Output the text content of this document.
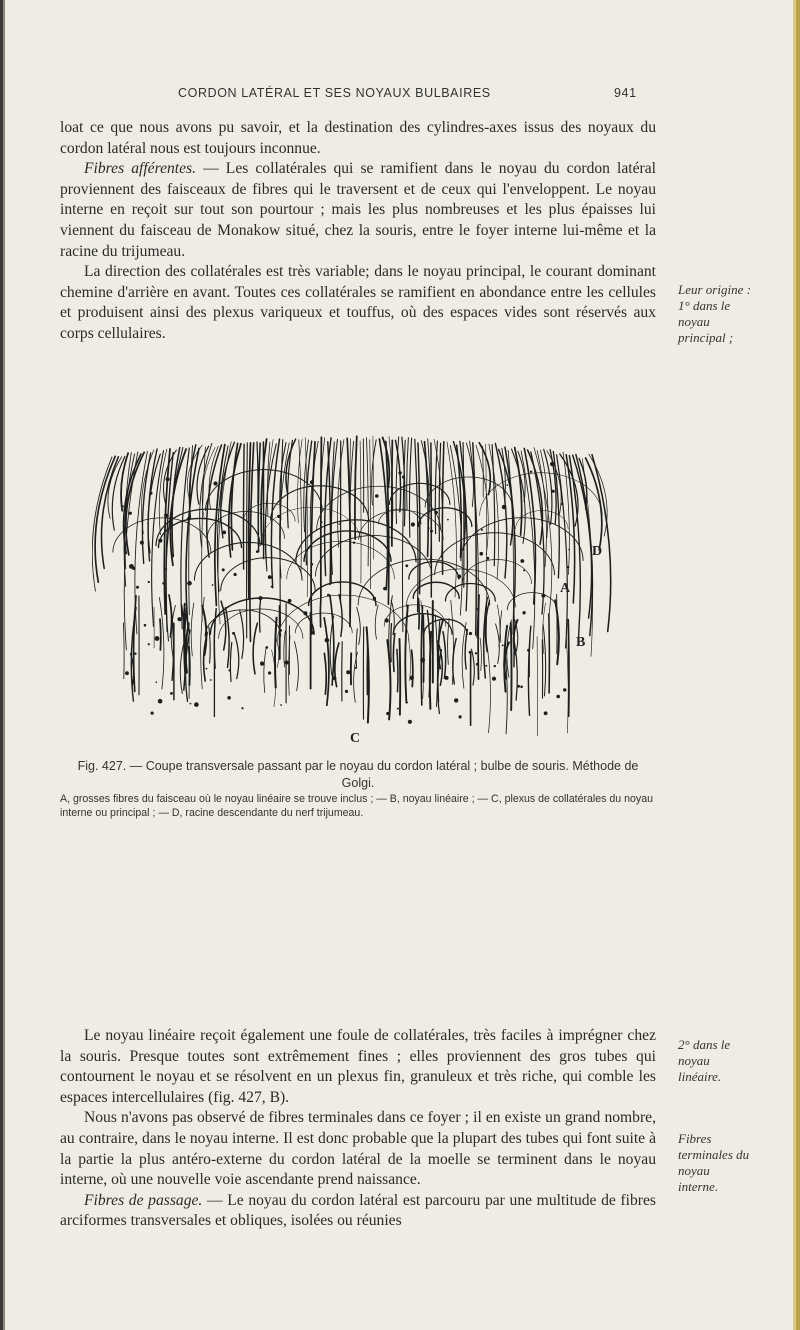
CORDON LATÉRAL ET SES NOYAUX BULBAIRES	941

loat ce que nous avons pu savoir, et la destination des cylindres-axes issus des noyaux du cordon latéral nous est toujours inconnue.

Fibres afférentes. — Les collatérales qui se ramifient dans le noyau du cordon latéral proviennent des faisceaux de fibres qui le traversent et de ceux qui l'enveloppent. Le noyau interne en reçoit sur tout son pourtour ; mais les plus nombreuses et les plus épaisses lui viennent du faisceau de Monakow situé, chez la souris, entre le foyer interne lui-même et la racine du trijumeau.

La direction des collatérales est très variable; dans le noyau principal, le courant dominant chemine d'arrière en avant. Toutes ces collatérales se ramifient en abondance entre les cellules et produisent ainsi des plexus variqueux et touffus, où des espaces vides sont réservés aux corps cellulaires.

Leur origine : 1° dans le noyau principal ;
2° dans le noyau linéaire.
Fibres terminales du noyau interne.
A
B
C
D
Fig. 427. — Coupe transversale passant par le noyau du cordon latéral ; bulbe de souris. Méthode de Golgi.
A, grosses fibres du faisceau où le noyau linéaire se trouve inclus ; — B, noyau linéaire ; — C, plexus de collatérales du noyau interne ou principal ; — D, racine descendante du nerf trijumeau.

Le noyau linéaire reçoit également une foule de collatérales, très faciles à imprégner chez la souris. Presque toutes sont extrêmement fines ; elles proviennent des gros tubes qui contournent le noyau et se résolvent en un plexus fin, granuleux et très riche, qui comble les espaces intercellulaires (fig. 427, B).

Nous n'avons pas observé de fibres terminales dans ce foyer ; il en existe un grand nombre, au contraire, dans le noyau interne. Il est donc probable que la plupart des tubes qui font suite à la partie la plus antéro-externe du cordon latéral de la moelle se terminent dans le noyau interne, où une nouvelle voie ascendante prend naissance.

Fibres de passage. — Le noyau du cordon latéral est parcouru par une multitude de fibres arciformes transversales et obliques, isolées ou réunies
